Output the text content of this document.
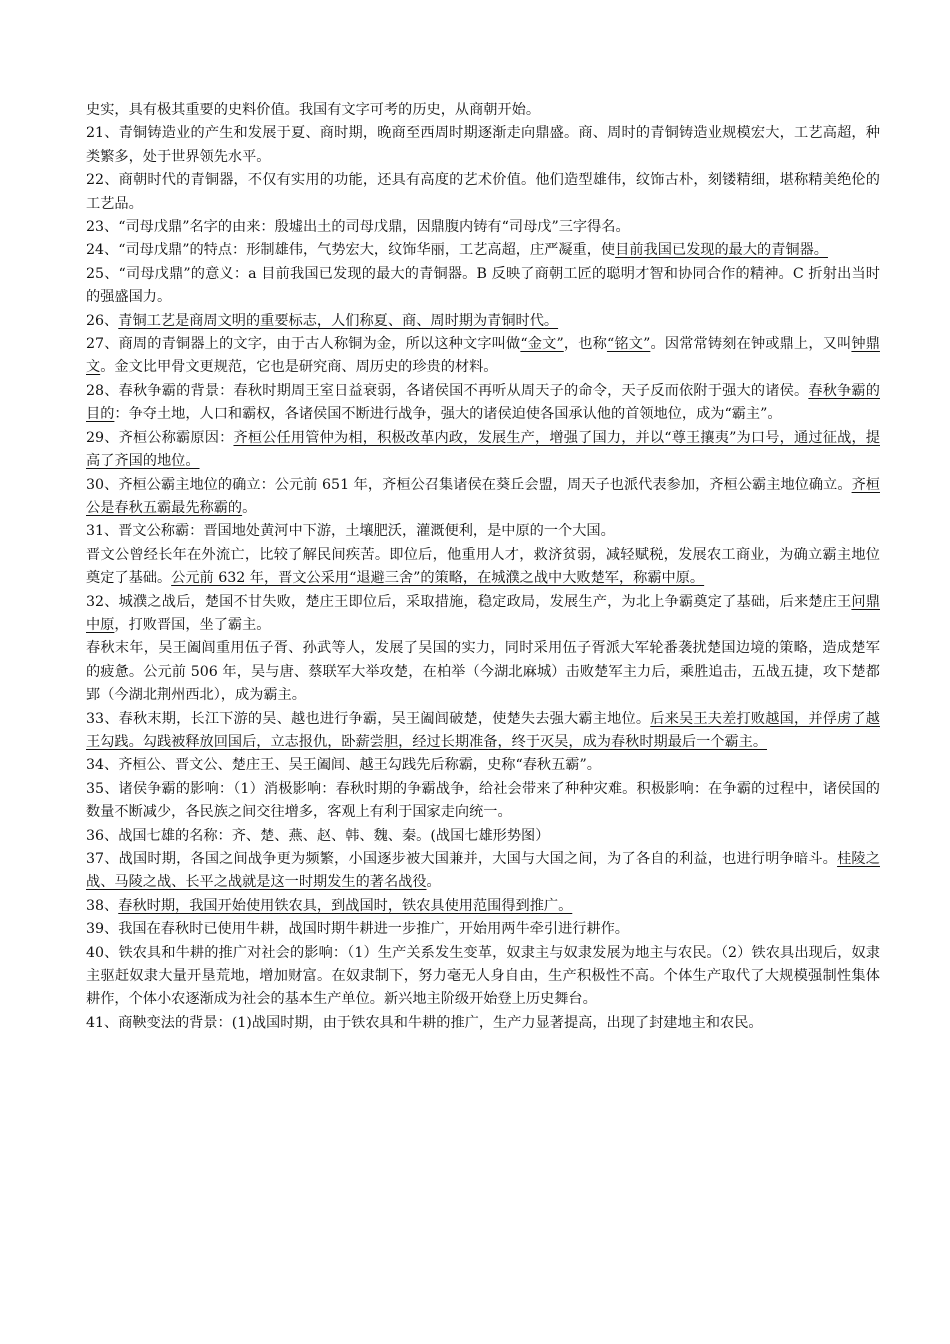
史实，具有极其重要的史料价值。我国有文字可考的历史，从商朝开始。

21、青铜铸造业的产生和发展于夏、商时期，晚商至西周时期逐渐走向鼎盛。商、周时的青铜铸造业规模宏大，工艺高超，种类繁多，处于世界领先水平。

22、商朝时代的青铜器，不仅有实用的功能，还具有高度的艺术价值。他们造型雄伟，纹饰古朴，刻镂精细，堪称精美绝伦的工艺品。

23、“司母戊鼎”名字的由来：殷墟出土的司母戊鼎，因鼎腹内铸有“司母戊”三字得名。

24、“司母戊鼎”的特点：形制雄伟，气势宏大，纹饰华丽，工艺高超，庄严凝重，使目前我国已发现的最大的青铜器。

25、“司母戊鼎”的意义：a 目前我国已发现的最大的青铜器。B 反映了商朝工匠的聪明才智和协同合作的精神。C 折射出当时的强盛国力。

26、青铜工艺是商周文明的重要标志，人们称夏、商、周时期为青铜时代。

27、商周的青铜器上的文字，由于古人称铜为金，所以这种文字叫做“金文”，也称“铭文”。因常常铸刻在钟或鼎上，又叫钟鼎文。金文比甲骨文更规范，它也是研究商、周历史的珍贵的材料。

28、春秋争霸的背景：春秋时期周王室日益衰弱，各诸侯国不再听从周天子的命令，天子反而依附于强大的诸侯。春秋争霸的目的：争夺土地，人口和霸权，各诸侯国不断进行战争，强大的诸侯迫使各国承认他的首领地位，成为“霸主”。

29、齐桓公称霸原因：齐桓公任用管仲为相，积极改革内政，发展生产，增强了国力，并以“尊王攘夷”为口号，通过征战，提高了齐国的地位。

30、齐桓公霸主地位的确立：公元前 651 年，齐桓公召集诸侯在葵丘会盟，周天子也派代表参加，齐桓公霸主地位确立。齐桓公是春秋五霸最先称霸的。

31、晋文公称霸：晋国地处黄河中下游，土壤肥沃，灌溉便利，是中原的一个大国。

晋文公曾经长年在外流亡，比较了解民间疾苦。即位后，他重用人才，救济贫弱，减轻赋税，发展农工商业，为确立霸主地位奠定了基础。公元前 632 年，晋文公采用“退避三舍”的策略，在城濮之战中大败楚军，称霸中原。

32、城濮之战后，楚国不甘失败，楚庄王即位后，采取措施，稳定政局，发展生产，为北上争霸奠定了基础，后来楚庄王问鼎中原，打败晋国，坐了霸主。

春秋末年，吴王阖闾重用伍子胥、孙武等人，发展了吴国的实力，同时采用伍子胥派大军轮番袭扰楚国边境的策略，造成楚军的疲惫。公元前 506 年，吴与唐、蔡联军大举攻楚，在柏举（今湖北麻城）击败楚军主力后，乘胜追击，五战五捷，攻下楚都郢（今湖北荆州西北），成为霸主。

33、春秋末期，长江下游的吴、越也进行争霸，吴王阖闾破楚，使楚失去强大霸主地位。后来吴王夫差打败越国，并俘虏了越王勾践。勾践被释放回国后，立志报仇，卧薪尝胆，经过长期准备，终于灭吴，成为春秋时期最后一个霸主。

34、齐桓公、晋文公、楚庄王、吴王阖闾、越王勾践先后称霸，史称“春秋五霸”。

35、诸侯争霸的影响：（1）消极影响：春秋时期的争霸战争，给社会带来了种种灾难。积极影响：在争霸的过程中，诸侯国的数量不断减少，各民族之间交往增多，客观上有利于国家走向统一。

36、战国七雄的名称：齐、楚、燕、赵、韩、魏、秦。(战国七雄形势图）

37、战国时期，各国之间战争更为频繁，小国逐步被大国兼并，大国与大国之间，为了各自的利益，也进行明争暗斗。桂陵之战、马陵之战、长平之战就是这一时期发生的著名战役。

38、春秋时期，我国开始使用铁农具，到战国时，铁农具使用范围得到推广。

39、我国在春秋时已使用牛耕，战国时期牛耕进一步推广，开始用两牛牵引进行耕作。

40、铁农具和牛耕的推广对社会的影响：（1）生产关系发生变革，奴隶主与奴隶发展为地主与农民。（2）铁农具出现后，奴隶主驱赶奴隶大量开垦荒地，增加财富。在奴隶制下，努力毫无人身自由，生产积极性不高。个体生产取代了大规模强制性集体耕作，个体小农逐渐成为社会的基本生产单位。新兴地主阶级开始登上历史舞台。

41、商鞅变法的背景：(1)战国时期，由于铁农具和牛耕的推广，生产力显著提高，出现了封建地主和农民。
